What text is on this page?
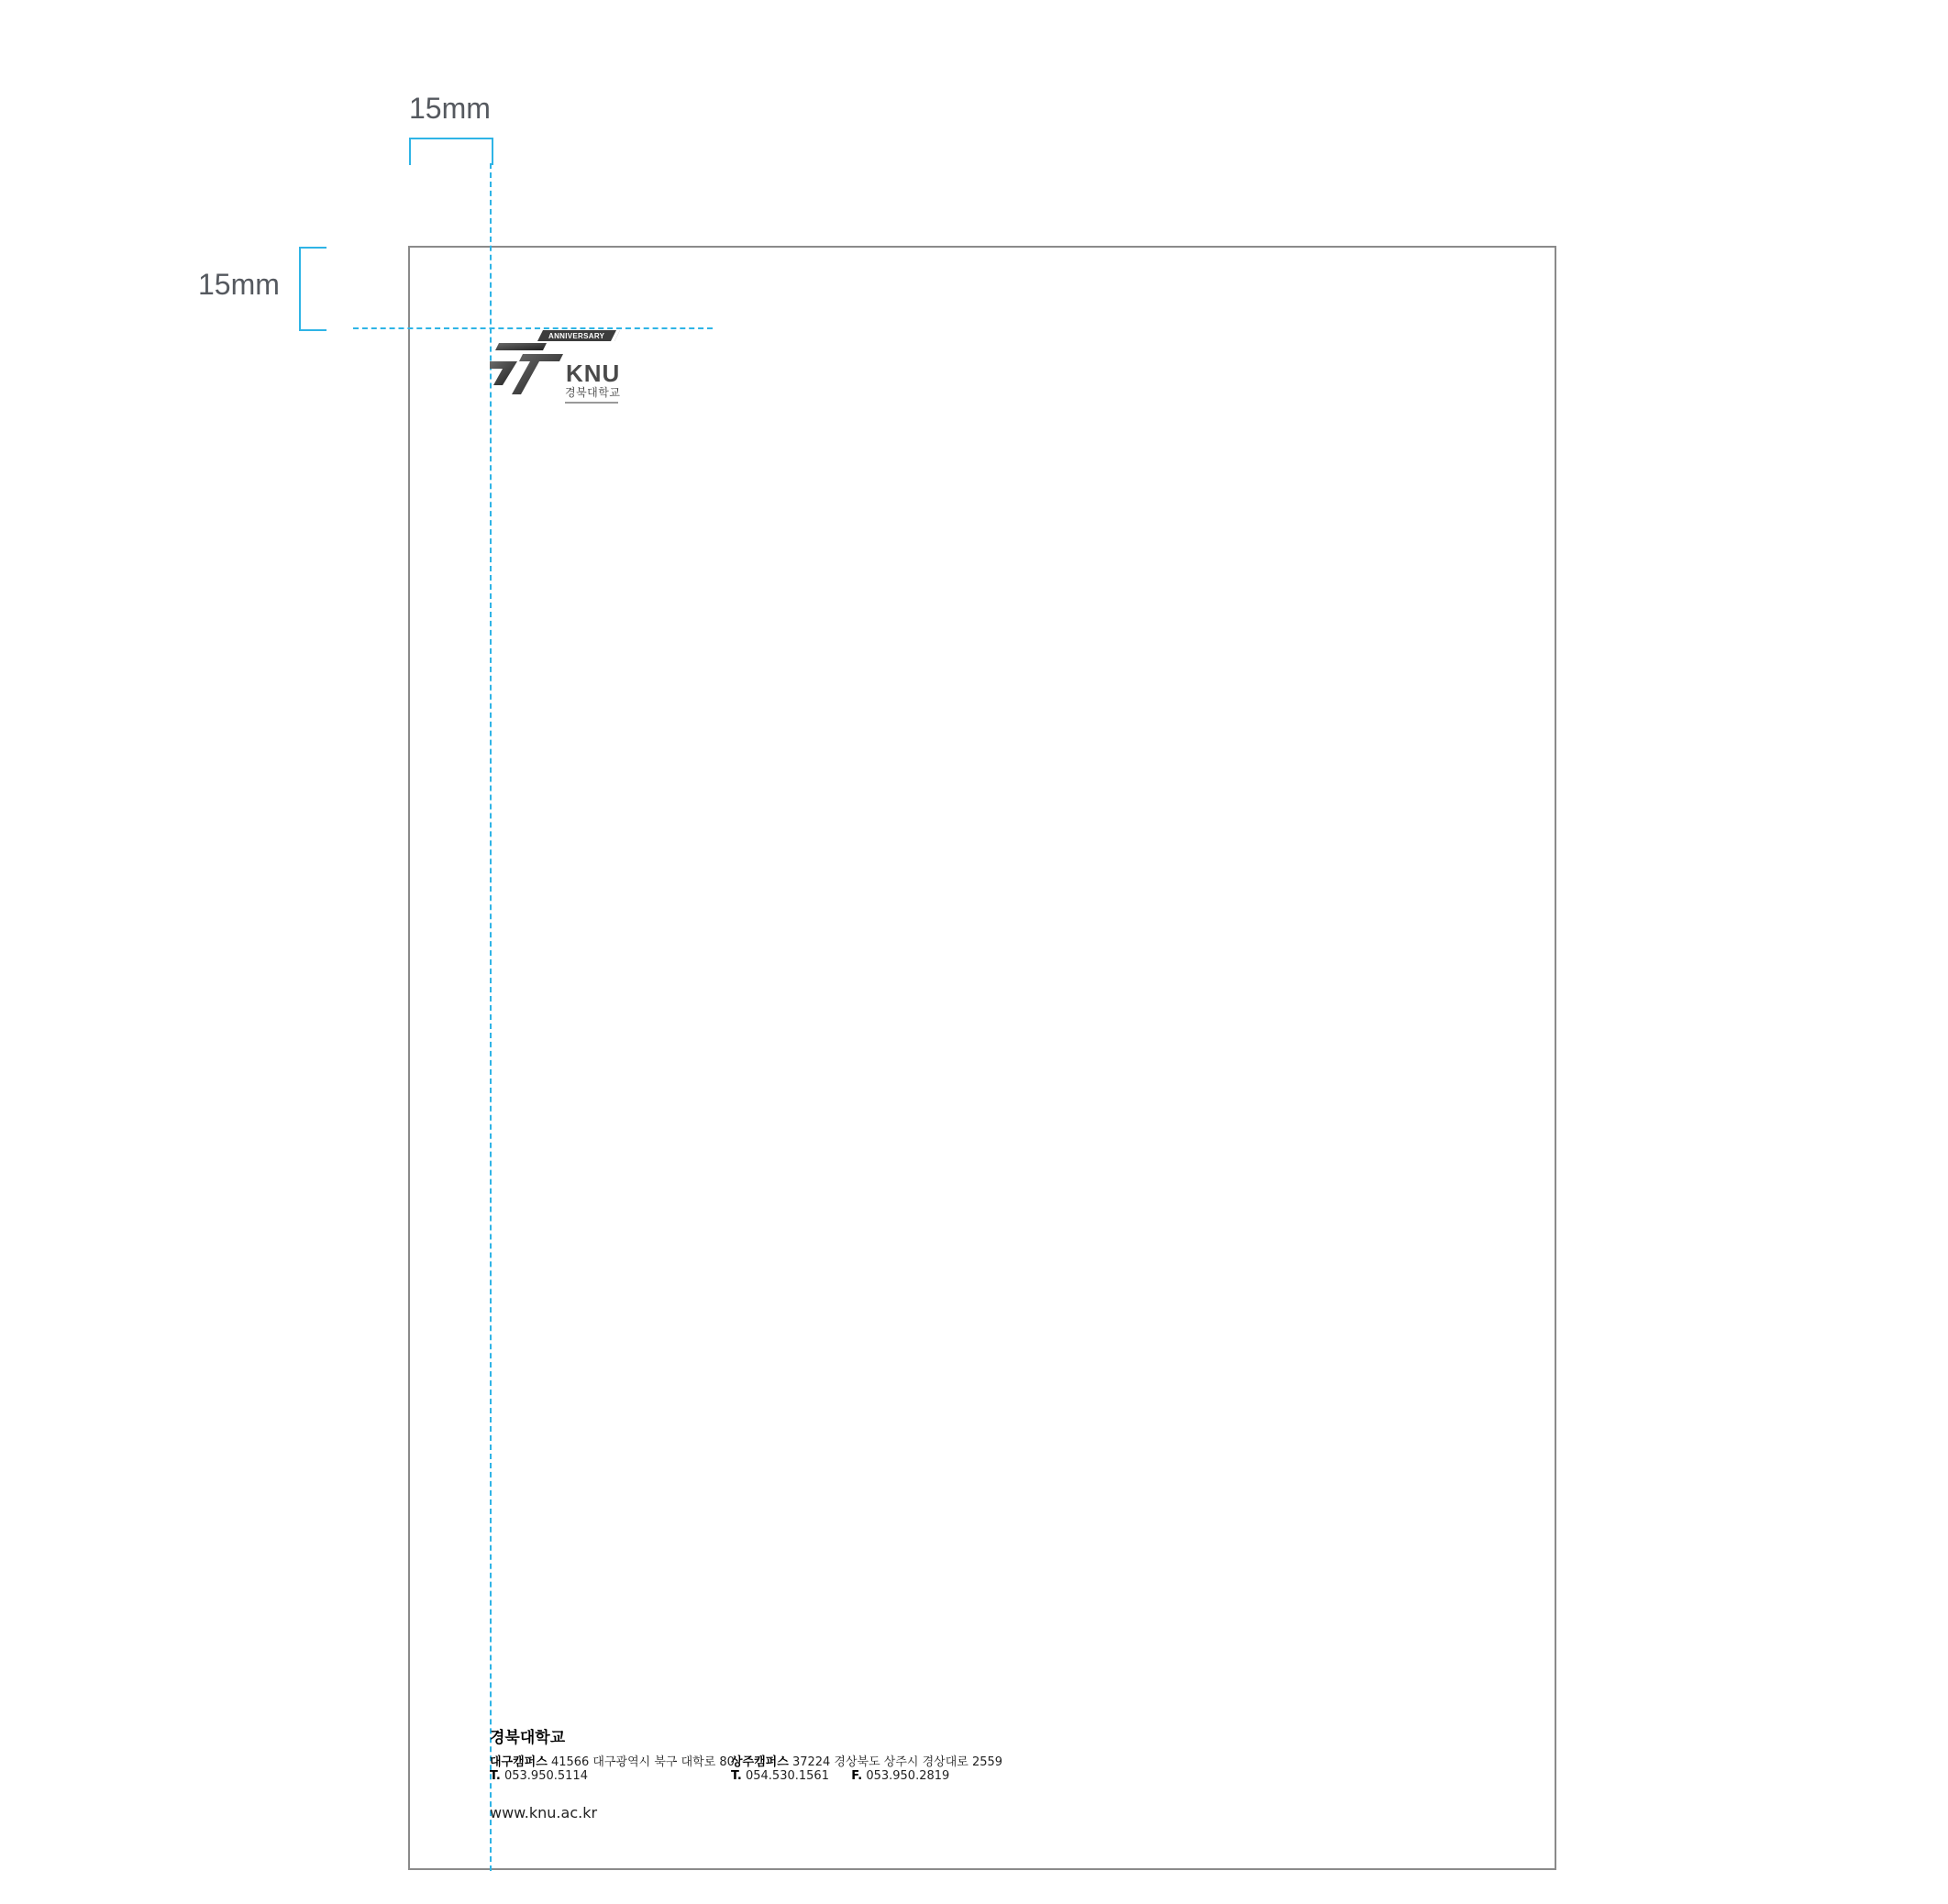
15mm
15mm
ANNIVERSARY
KNU
경북대학교
경북대학교
대구캠퍼스 41566 대구광역시 북구 대학로 80
T. 053.950.5114
상주캠퍼스 37224 경상북도 상주시 경상대로 2559
T. 054.530.1561 F. 053.950.2819
www.knu.ac.kr
